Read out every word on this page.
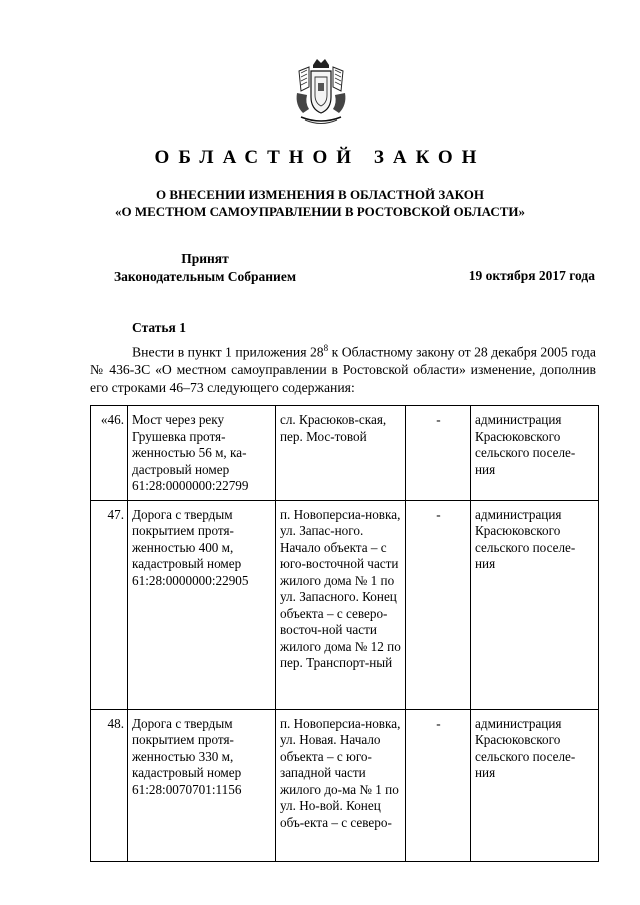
ОБЛАСТНОЙ ЗАКОН
О ВНЕСЕНИИ ИЗМЕНЕНИЯ В ОБЛАСТНОЙ ЗАКОН
«О МЕСТНОМ САМОУПРАВЛЕНИИ В РОСТОВСКОЙ ОБЛАСТИ»
Принят
Законодательным Собранием	19 октября 2017 года
Статья 1

Внести в пункт 1 приложения $28^8$ к Областному закону от 28 декабря 2005 года № 436-ЗС «О местном самоуправлении в Ростовской области» изменение, дополнив его строками 46–73 следующего содержания:

«46.	Мост через реку Грушевка протя-женностью 56 м, ка-дастровый номер 61:28:0000000:22799	сл. Красюков-ская, пер. Мос-товой	-	администрация Красюковского сельского поселе-ния
47.	Дорога с твердым покрытием протя-женностью 400 м, кадастровый номер 61:28:0000000:22905	п. Новоперсиа-новка, ул. Запас-ного. Начало объекта – с юго-восточной части жилого дома № 1 по ул. Запасного. Конец объекта – с северо-восточ-ной части жилого дома № 12 по пер. Транспорт-ный	-	администрация Красюковского сельского поселе-ния
48.	Дорога с твердым покрытием протя-женностью 330 м, кадастровый номер 61:28:0070701:1156	п. Новоперсиа-новка, ул. Новая. Начало объекта – с юго-западной части жилого до-ма № 1 по ул. Но-вой. Конец объ-екта – с северо-	-	администрация Красюковского сельского поселе-ния
